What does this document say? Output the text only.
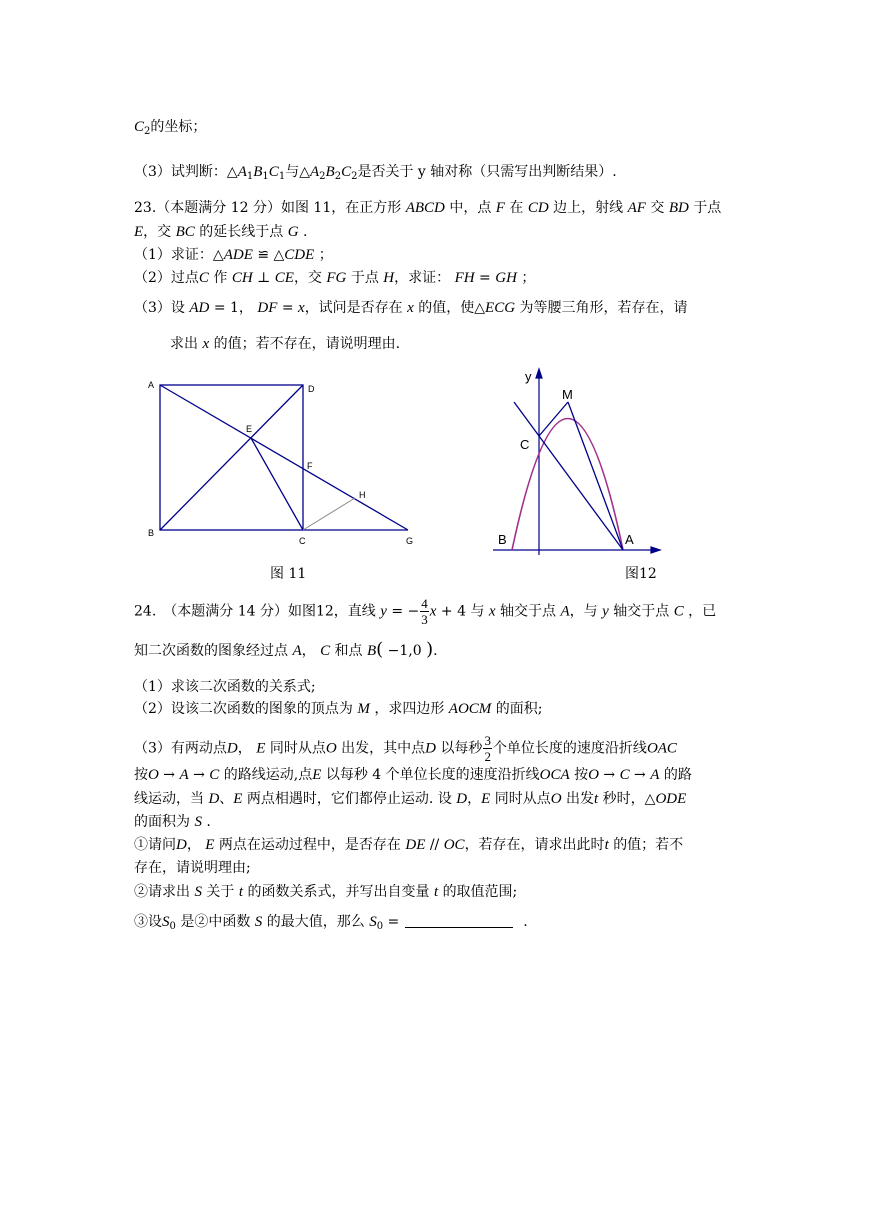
$C_2$的坐标；
（3）试判断：$\triangle A_1B_1C_1$与$\triangle A_2B_2C_2$是否关于 y 轴对称（只需写出判断结果）.
23.（本题满分 12 分）如图 11，在正方形 ABCD 中，点 F 在 CD 边上，射线 AF 交 BD 于点
E，交 BC 的延长线于点 G .
（1）求证：△ADE ≌ △CDE ；
（2）过点C 作 CH ⊥ CE，交 FG 于点 H，求证： FH = GH ；
（3）设 AD = 1， DF = x，试问是否存在 x 的值，使△ECG 为等腰三角形，若存在，请
求出 x 的值；若不存在，请说明理由.
A	D
E
F
H
B
C	G
图 11
y
M
C
B	A
图12
24.　（本题满分 14 分）如图12，直线 y = − $\frac{4}{3}$ x + 4 与 x 轴交于点 A，与 y 轴交于点 C ，已
知二次函数的图象经过点 A， C 和点 B( −1,0 ).
（1）求该二次函数的关系式;
（2）设该二次函数的图象的顶点为 M ，求四边形 AOCM 的面积;
（3）有两动点D， E 同时从点O 出发，其中点D 以每秒 $\frac{3}{2}$ 个单位长度的速度沿折线OAC
按O → A → C 的路线运动,点E 以每秒 4 个单位长度的速度沿折线OCA 按O → C → A 的路
线运动，当 D、E 两点相遇时，它们都停止运动. 设 D，E 同时从点O 出发t 秒时，△ODE
的面积为 S .
①请问D， E 两点在运动过程中，是否存在 DE // OC，若存在，请求出此时t 的值；若不
存在，请说明理由;
②请求出 S 关于 t 的函数关系式，并写出自变量 t 的取值范围;
③设$S_0$ 是②中函数 S 的最大值，那么 $S_0$ =	.
